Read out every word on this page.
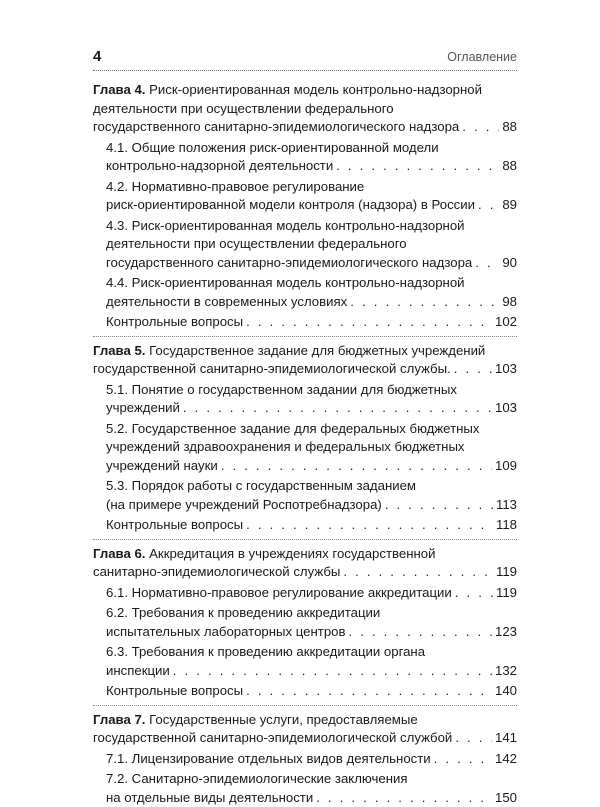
4	Оглавление
Глава 4. Риск-ориентированная модель контрольно-надзорной
деятельности при осуществлении федерального
государственного санитарно-эпидемиологического надзора . . .	88
4.1. Общие положения риск-ориентированной модели
контрольно-надзорной деятельности . . .	88
4.2. Нормативно-правовое регулирование
риск-ориентированной модели контроля (надзора) в России . . . 89
4.3. Риск-ориентированная модель контрольно-надзорной
деятельности при осуществлении федерального
государственного санитарно-эпидемиологического надзора . . . 90
4.4. Риск-ориентированная модель контрольно-надзорной
деятельности в современных условиях . . .	98
Контрольные вопросы . . .	102
Глава 5. Государственное задание для бюджетных учреждений
государственной санитарно-эпидемиологической службы. . . .	103
5.1. Понятие о государственном задании для бюджетных
учреждений . . .	103
5.2. Государственное задание для федеральных бюджетных
учреждений здравоохранения и федеральных бюджетных
учреждений науки . . .	109
5.3. Порядок работы с государственным заданием
(на примере учреждений Роспотребнадзора) . . .	113
Контрольные вопросы . . .	118
Глава 6. Аккредитация в учреждениях государственной
санитарно-эпидемиологической службы . . .	119
6.1. Нормативно-правовое регулирование аккредитации . . .	119
6.2. Требования к проведению аккредитации
испытательных лабораторных центров . . .	123
6.3. Требования к проведению аккредитации органа
инспекции . . .	132
Контрольные вопросы . . .	140
Глава 7. Государственные услуги, предоставляемые
государственной санитарно-эпидемиологической службой . . .	141
7.1. Лицензирование отдельных видов деятельности . . .	142
7.2. Санитарно-эпидемиологические заключения
на отдельные виды деятельности . . .	150
